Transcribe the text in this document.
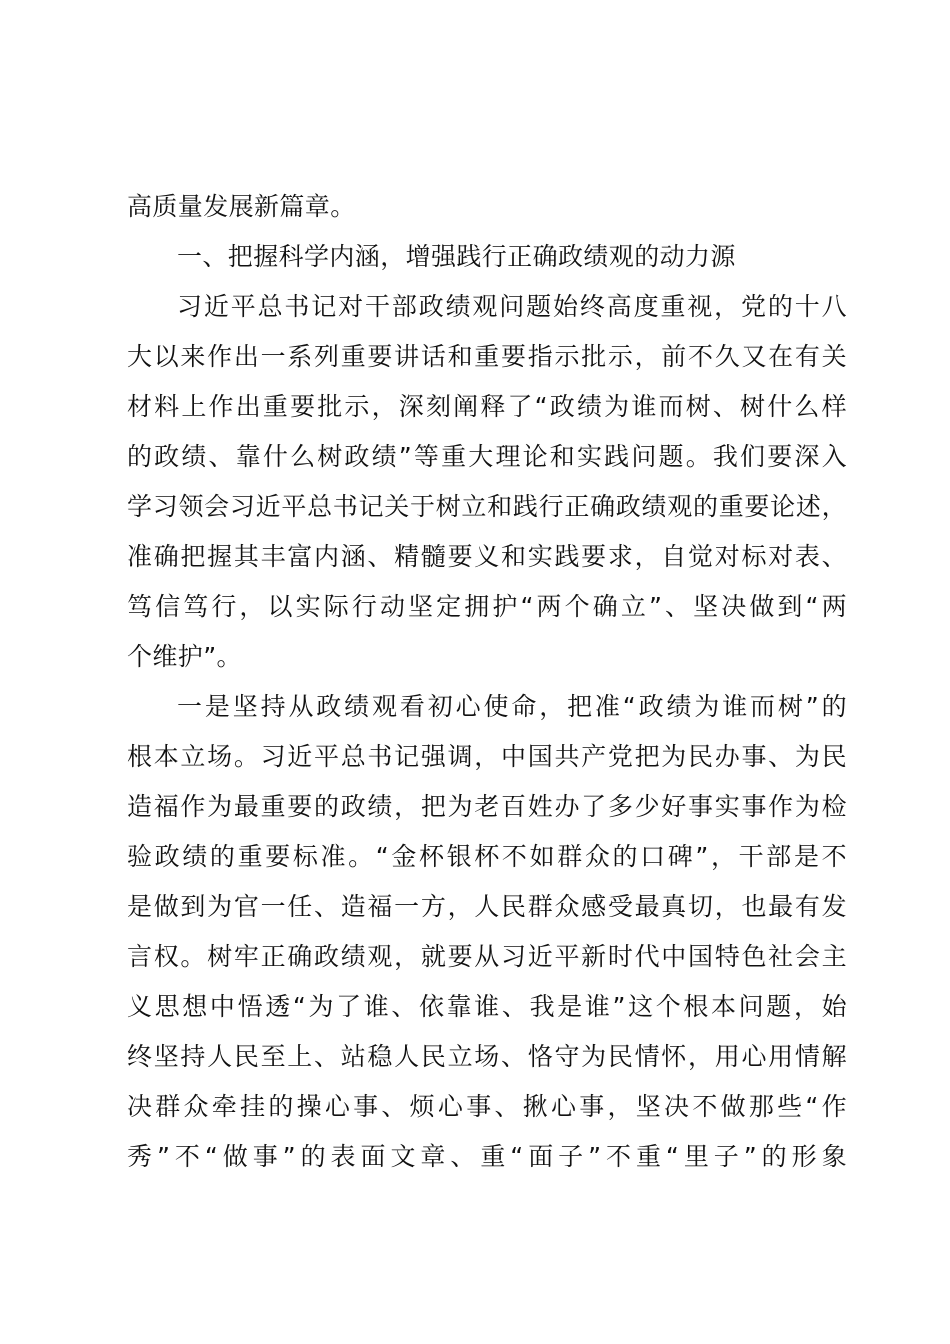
高质量发展新篇章。
一、把握科学内涵，增强践行正确政绩观的动力源
习近平总书记对干部政绩观问题始终高度重视，党的十八
大以来作出一系列重要讲话和重要指示批示，前不久又在有关
材料上作出重要批示，深刻阐释了“政绩为谁而树、树什么样
的政绩、靠什么树政绩”等重大理论和实践问题。我们要深入
学习领会习近平总书记关于树立和践行正确政绩观的重要论述，
准确把握其丰富内涵、精髓要义和实践要求，自觉对标对表、
笃信笃行，以实际行动坚定拥护“两个确立”、坚决做到“两
个维护”。
一是坚持从政绩观看初心使命，把准“政绩为谁而树”的
根本立场。习近平总书记强调，中国共产党把为民办事、为民
造福作为最重要的政绩，把为老百姓办了多少好事实事作为检
验政绩的重要标准。“金杯银杯不如群众的口碑”，干部是不
是做到为官一任、造福一方，人民群众感受最真切，也最有发
言权。树牢正确政绩观，就要从习近平新时代中国特色社会主
义思想中悟透“为了谁、依靠谁、我是谁”这个根本问题，始
终坚持人民至上、站稳人民立场、恪守为民情怀，用心用情解
决群众牵挂的操心事、烦心事、揪心事，坚决不做那些“作
秀”不“做事”的表面文章、重“面子”不重“里子”的形象
